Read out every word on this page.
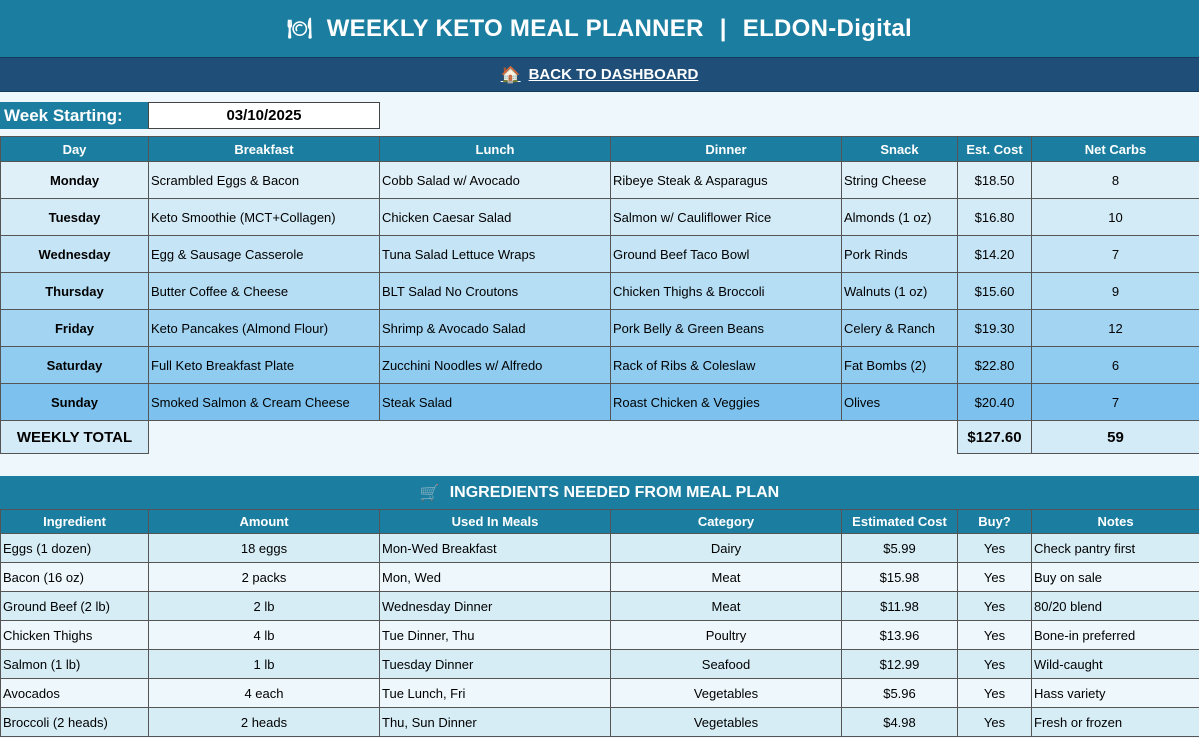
🍽 WEEKLY KETO MEAL PLANNER | ELDON-Digital
🏠 BACK TO DASHBOARD
Week Starting:	03/10/2025
Day	Breakfast	Lunch	Dinner	Snack	Est. Cost	Net Carbs
Monday	Scrambled Eggs & Bacon	Cobb Salad w/ Avocado	Ribeye Steak & Asparagus	String Cheese	$18.50	8
Tuesday	Keto Smoothie (MCT+Collagen)	Chicken Caesar Salad	Salmon w/ Cauliflower Rice	Almonds (1 oz)	$16.80	10
Wednesday	Egg & Sausage Casserole	Tuna Salad Lettuce Wraps	Ground Beef Taco Bowl	Pork Rinds	$14.20	7
Thursday	Butter Coffee & Cheese	BLT Salad No Croutons	Chicken Thighs & Broccoli	Walnuts (1 oz)	$15.60	9
Friday	Keto Pancakes (Almond Flour)	Shrimp & Avocado Salad	Pork Belly & Green Beans	Celery & Ranch	$19.30	12
Saturday	Full Keto Breakfast Plate	Zucchini Noodles w/ Alfredo	Rack of Ribs & Coleslaw	Fat Bombs (2)	$22.80	6
Sunday	Smoked Salmon & Cream Cheese	Steak Salad	Roast Chicken & Veggies	Olives	$20.40	7
WEEKLY TOTAL					$127.60	59
🛒 INGREDIENTS NEEDED FROM MEAL PLAN
Ingredient	Amount	Used In Meals	Category	Estimated Cost	Buy?	Notes
Eggs (1 dozen)	18 eggs	Mon-Wed Breakfast	Dairy	$5.99	Yes	Check pantry first
Bacon (16 oz)	2 packs	Mon, Wed	Meat	$15.98	Yes	Buy on sale
Ground Beef (2 lb)	2 lb	Wednesday Dinner	Meat	$11.98	Yes	80/20 blend
Chicken Thighs	4 lb	Tue Dinner, Thu	Poultry	$13.96	Yes	Bone-in preferred
Salmon (1 lb)	1 lb	Tuesday Dinner	Seafood	$12.99	Yes	Wild-caught
Avocados	4 each	Tue Lunch, Fri	Vegetables	$5.96	Yes	Hass variety
Broccoli (2 heads)	2 heads	Thu, Sun Dinner	Vegetables	$4.98	Yes	Fresh or frozen
